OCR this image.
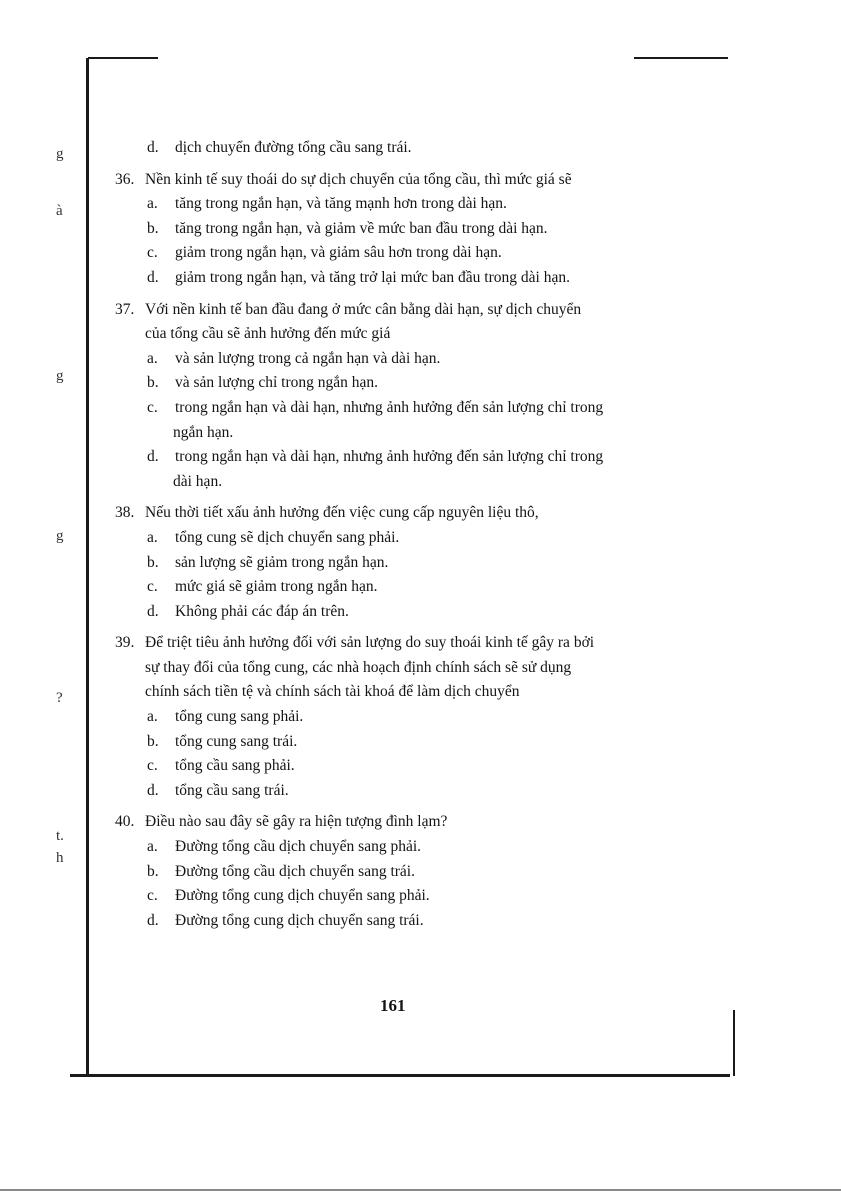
g
à
g
g
?
t.
h
d. dịch chuyển đường tổng cầu sang trái.
36. Nền kinh tế suy thoái do sự dịch chuyển của tổng cầu, thì mức giá sẽ
a. tăng trong ngắn hạn, và tăng mạnh hơn trong dài hạn.
b. tăng trong ngắn hạn, và giảm về mức ban đầu trong dài hạn.
c. giảm trong ngắn hạn, và giảm sâu hơn trong dài hạn.
d. giảm trong ngắn hạn, và tăng trở lại mức ban đầu trong dài hạn.
37. Với nền kinh tế ban đầu đang ở mức cân bằng dài hạn, sự dịch chuyển
của tổng cầu sẽ ảnh hưởng đến mức giá
a. và sản lượng trong cả ngắn hạn và dài hạn.
b. và sản lượng chỉ trong ngắn hạn.
c. trong ngắn hạn và dài hạn, nhưng ảnh hưởng đến sản lượng chỉ trong
ngắn hạn.
d. trong ngắn hạn và dài hạn, nhưng ảnh hưởng đến sản lượng chỉ trong
dài hạn.
38. Nếu thời tiết xấu ảnh hưởng đến việc cung cấp nguyên liệu thô,
a. tổng cung sẽ dịch chuyển sang phải.
b. sản lượng sẽ giảm trong ngắn hạn.
c. mức giá sẽ giảm trong ngắn hạn.
d. Không phải các đáp án trên.
39. Để triệt tiêu ảnh hưởng đối với sản lượng do suy thoái kinh tế gây ra bởi
sự thay đổi của tổng cung, các nhà hoạch định chính sách sẽ sử dụng
chính sách tiền tệ và chính sách tài khoá để làm dịch chuyển
a. tổng cung sang phải.
b. tổng cung sang trái.
c. tổng cầu sang phải.
d. tổng cầu sang trái.
40. Điều nào sau đây sẽ gây ra hiện tượng đình lạm?
a. Đường tổng cầu dịch chuyển sang phải.
b. Đường tổng cầu dịch chuyển sang trái.
c. Đường tổng cung dịch chuyển sang phải.
d. Đường tổng cung dịch chuyển sang trái.
161
